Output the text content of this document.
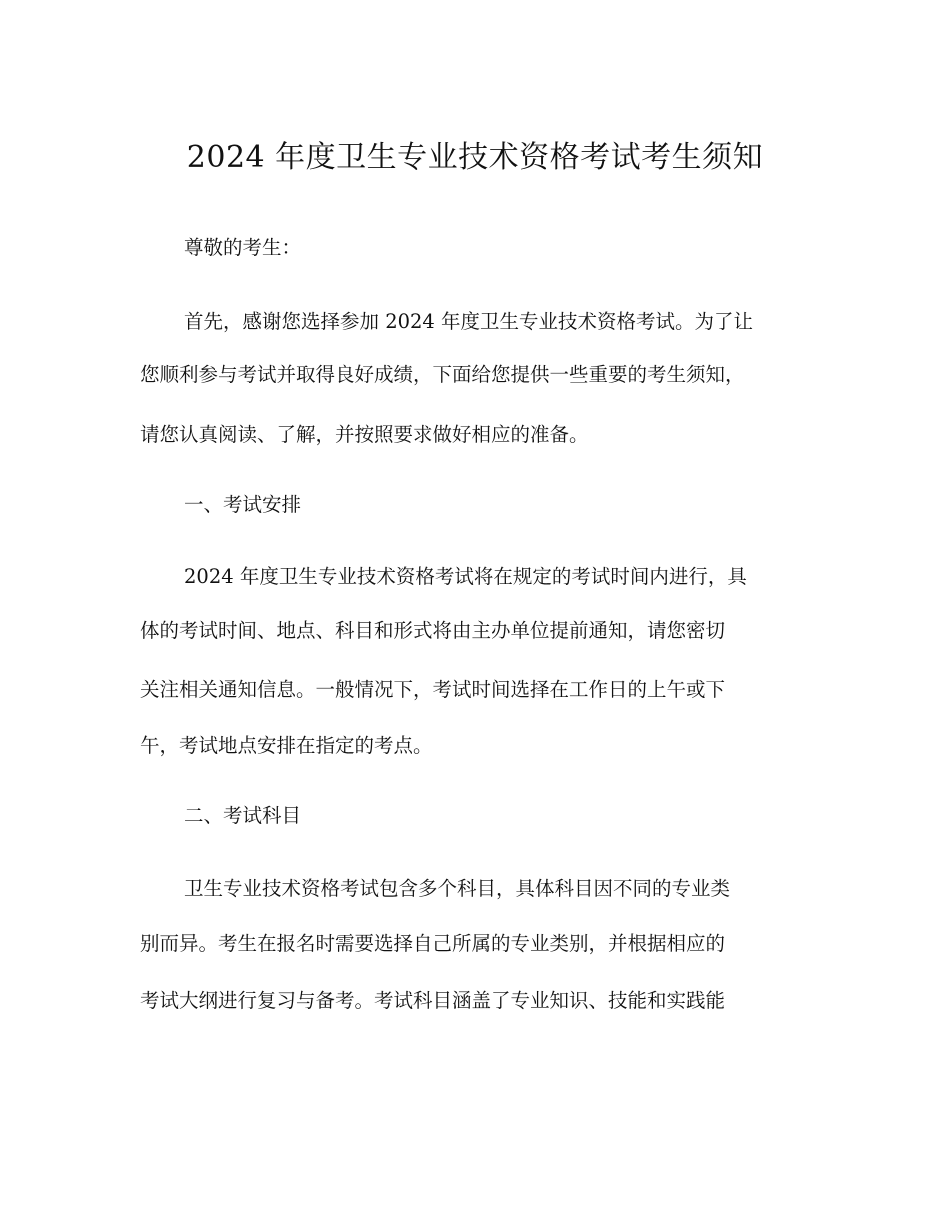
2024 年度卫生专业技术资格考试考生须知
尊敬的考生：
首先，感谢您选择参加 2024 年度卫生专业技术资格考试。为了让
您顺利参与考试并取得良好成绩，下面给您提供一些重要的考生须知，
请您认真阅读、了解，并按照要求做好相应的准备。
一、考试安排
2024 年度卫生专业技术资格考试将在规定的考试时间内进行，具
体的考试时间、地点、科目和形式将由主办单位提前通知，请您密切
关注相关通知信息。一般情况下，考试时间选择在工作日的上午或下
午，考试地点安排在指定的考点。
二、考试科目
卫生专业技术资格考试包含多个科目，具体科目因不同的专业类
别而异。考生在报名时需要选择自己所属的专业类别，并根据相应的
考试大纲进行复习与备考。考试科目涵盖了专业知识、技能和实践能
